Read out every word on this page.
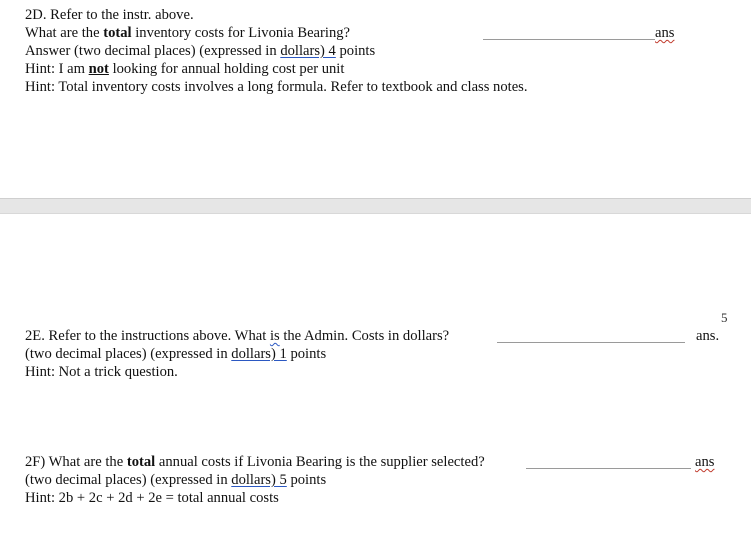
2D. Refer to the instr. above.
What are the total inventory costs for Livonia Bearing?	ans
Answer (two decimal places) (expressed in dollars) 4 points
Hint: I am not looking for annual holding cost per unit
Hint: Total inventory costs involves a long formula. Refer to textbook and class notes.
5
2E. Refer to the instructions above. What is the Admin. Costs in dollars?	ans.
(two decimal places) (expressed in dollars) 1 points
Hint: Not a trick question.
2F) What are the total annual costs if Livonia Bearing is the supplier selected?	ans
(two decimal places) (expressed in dollars) 5 points
Hint: 2b + 2c + 2d + 2e = total annual costs
